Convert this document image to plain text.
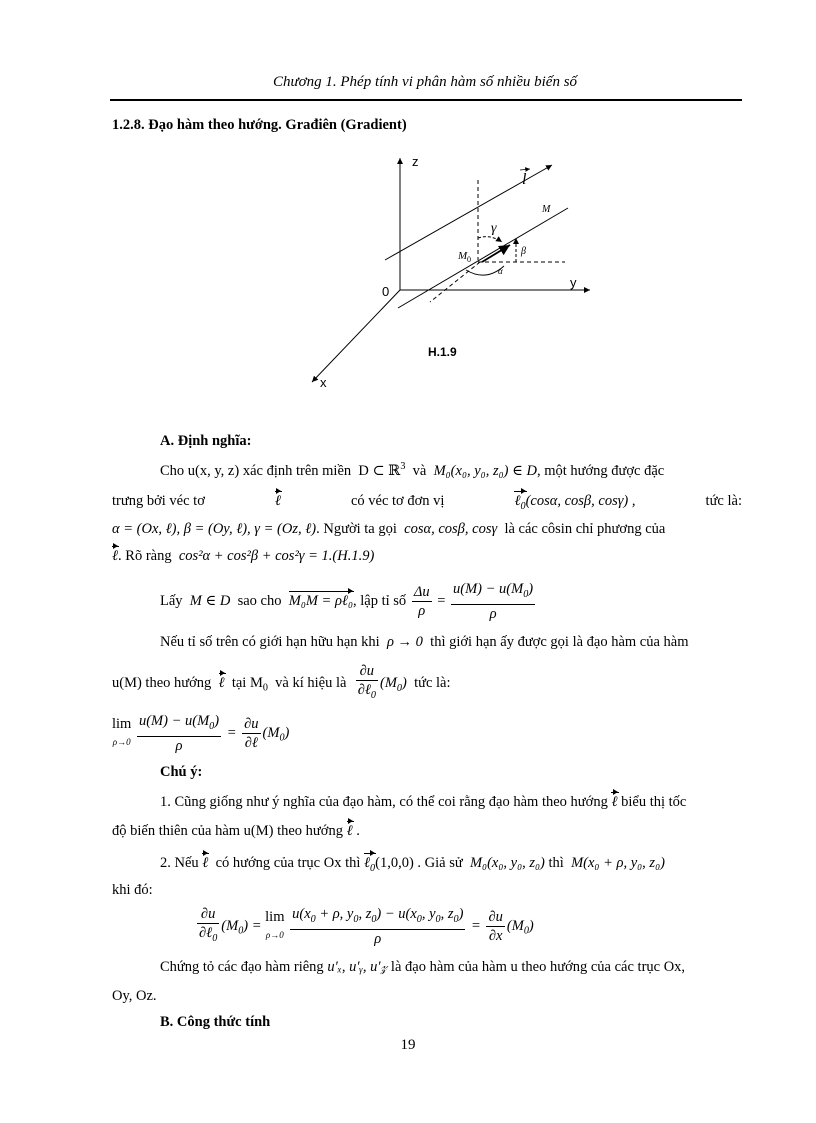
Chương 1. Phép tính vi phân hàm số nhiều biến số
1.2.8. Đạo hàm theo hướng. Građiên (Gradient)
z
y
x
0
l
M
M 0
γ
β
α
H.1.9
A. Định nghĩa:
Cho u(x, y, z) xác định trên miền D ⊂ ℝ$^3$ và M₀(x₀, y₀, z₀) ∈ D, một hướng được đặc
trưng bởi véc tơ	ℓ	có véc tơ đơn vị	ℓ$_0$(cosα, cosβ, cosγ) ,	tức là:
α = (Ox, ℓ), β = (Oy, ℓ), γ = (Oz, ℓ). Người ta gọi cosα, cosβ, cosγ là các côsin chỉ phương của
ℓ. Rõ ràng cos²α + cos²β + cos²γ = 1.(H.1.9)
Lấy M ∈ D sao cho M₀M = ρℓ₀, lập tỉ số $\frac{\Delta u}{\rho} = \frac{u(M) - u(M_0)}{\rho}$
Nếu tỉ số trên có giới hạn hữu hạn khi ρ → 0 thì giới hạn ấy được gọi là đạo hàm của hàm
u(M) theo hướng ℓ tại $M_0$ và kí hiệu là $\frac{\partial u}{\partial\ell_0} (M_0)$ tức là:
lim
$\rho\to 0 \frac{u(M) - u(M_0)}{\rho} = \frac{\partial u}{\text{∂ℓ}} (M_0)$
Chú ý:
1. Cũng giống như ý nghĩa của đạo hàm, có thể coi rằng đạo hàm theo hướng ℓ biểu thị tốc
độ biến thiên của hàm u(M) theo hướng ℓ .
2. Nếu ℓ có hướng của trục Ox thì ℓ$_0$(1,0,0) . Giả sử M₀(x₀, y₀, z₀) thì M(x₀ + ρ, y₀, z₀)
khi đó:
$\frac{\partial u}{\partial\ell_0} (M_0) = \lim$
$\rho\to 0 \frac{u(x_0 + \rho, y_0, z_0) - u(x_0, y_0, z_0)}{\rho} = \frac{\partial u}{\partial x} (M_0)$
Chứng tỏ các đạo hàm riêng u′ₓ, u′ᵧ, u′𝓏 là đạo hàm của hàm u theo hướng của các trục Ox,
Oy, Oz.
B. Công thức tính
19
